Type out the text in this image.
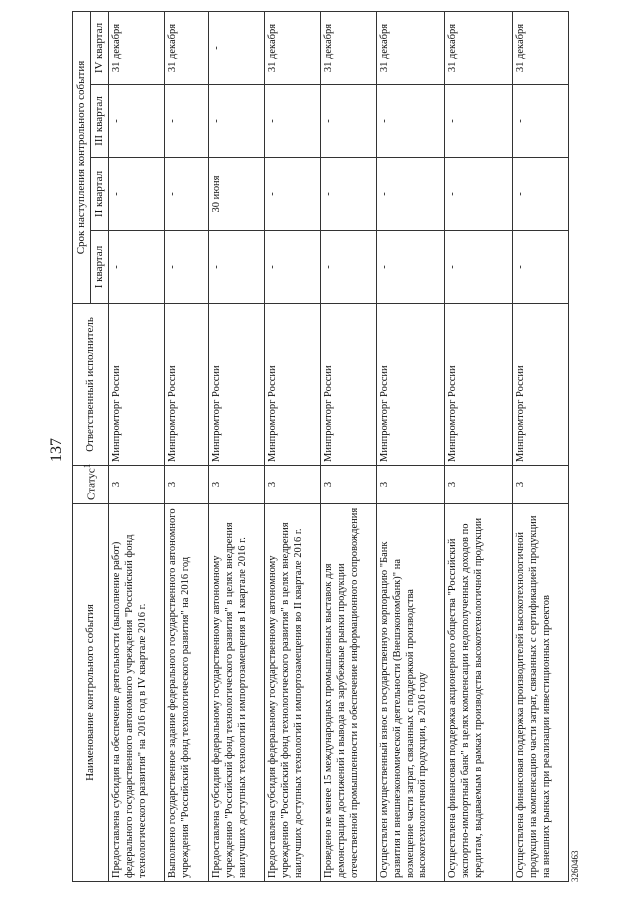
137
Наименование контрольного события	Статус$^1$	Ответственный исполнитель	Срок наступления контрольного события			
			I квартал	II квартал	III квартал	IV квартал
Предоставлена субсидия на обеспечение деятельности (выполнение работ) федерального государственного автономного учреждения "Российский фонд технологического развития" на 2016 год в IV квартале 2016 г.	3	Минпромторг России	-	-	-	31 декабря
Выполнено государственное задание федерального государственного автономного учреждения "Российский фонд технологического развития" на 2016 год	3	Минпромторг России	-	-	-	31 декабря
Предоставлена субсидия федеральному государственному автономному учреждению "Российский фонд технологического развития" в целях внедрения наилучших доступных технологий и импортозамещения в I квартале 2016 г.	3	Минпромторг России	-	30 июня	-	-
Предоставлена субсидия федеральному государственному автономному учреждению "Российский фонд технологического развития" в целях внедрения наилучших доступных технологий и импортозамещения во II квартале 2016 г.	3	Минпромторг России	-	-	-	31 декабря
Проведено не менее 15 международных промышленных выставок для демонстрации достижений и вывода на зарубежные рынки продукции отечественной промышленности и обеспечение информационного сопровождения	3	Минпромторг России	-	-	-	31 декабря
Осуществлен имущественный взнос в государственную корпорацию "Банк развития и внешнеэкономической деятельности (Внешэкономбанк)" на возмещение части затрат, связанных с поддержкой производства высокотехнологичной продукции, в 2016 году	3	Минпромторг России	-	-	-	31 декабря
Осуществлена финансовая поддержка акционерного общества "Российский экспортно-импортный банк" в целях компенсации недополученных доходов по кредитам, выдаваемым в рамках производства высокотехнологичной продукции	3	Минпромторг России	-	-	-	31 декабря
Осуществлена финансовая поддержка производителей высокотехнологичной продукции на компенсацию части затрат, связанных с сертификацией продукции на внешних рынках при реализации инвестиционных проектов	3	Минпромторг России	-	-	-	31 декабря
3260463
